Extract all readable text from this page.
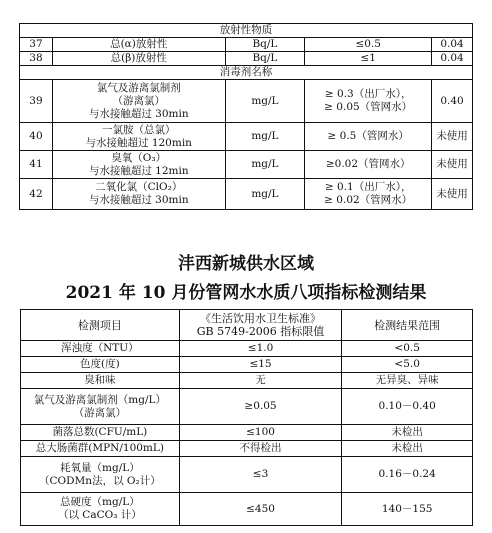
放射性物质				
37	总(α)放射性	Bq/L	≤0.5	0.04
38	总(β)放射性	Bq/L	≤1	0.04
消毒剂名称				
39	氯气及游离氯制剂
（游离氯）
与水接触超过 30min	mg/L	≥ 0.3（出厂水），
≥ 0.05（管网水）	0.40
40	一氯胺（总氯）
与水接触超过 120min	mg/L	≥ 0.5（管网水）	未使用
41	臭氧（O₃）
与水接触超过 12min	mg/L	≥0.02（管网水）	未使用
42	二氧化氯（ClO₂）
与水接触超过 30min	mg/L	≥ 0.1（出厂水），
≥ 0.02（管网水）	未使用
沣西新城供水区域
2021 年 10 月份管网水水质八项指标检测结果
检测项目	《生活饮用水卫生标准》
GB 5749-2006 指标限值	检测结果范围
浑浊度（NTU）	≤1.0	<0.5
色度(度)	≤15	<5.0
臭和味	无	无异臭、异味
氯气及游离氯制剂（mg/L）
（游离氯）	≥0.05	0.10－0.40
菌落总数(CFU/mL)	≤100	未检出
总大肠菌群(MPN/100mL)	不得检出	未检出
耗氧量（mg/L）
（CODMn法，以 O₂计）	≤3	0.16－0.24
总硬度（mg/L）
（以 CaCO₃ 计）	≤450	140－155
